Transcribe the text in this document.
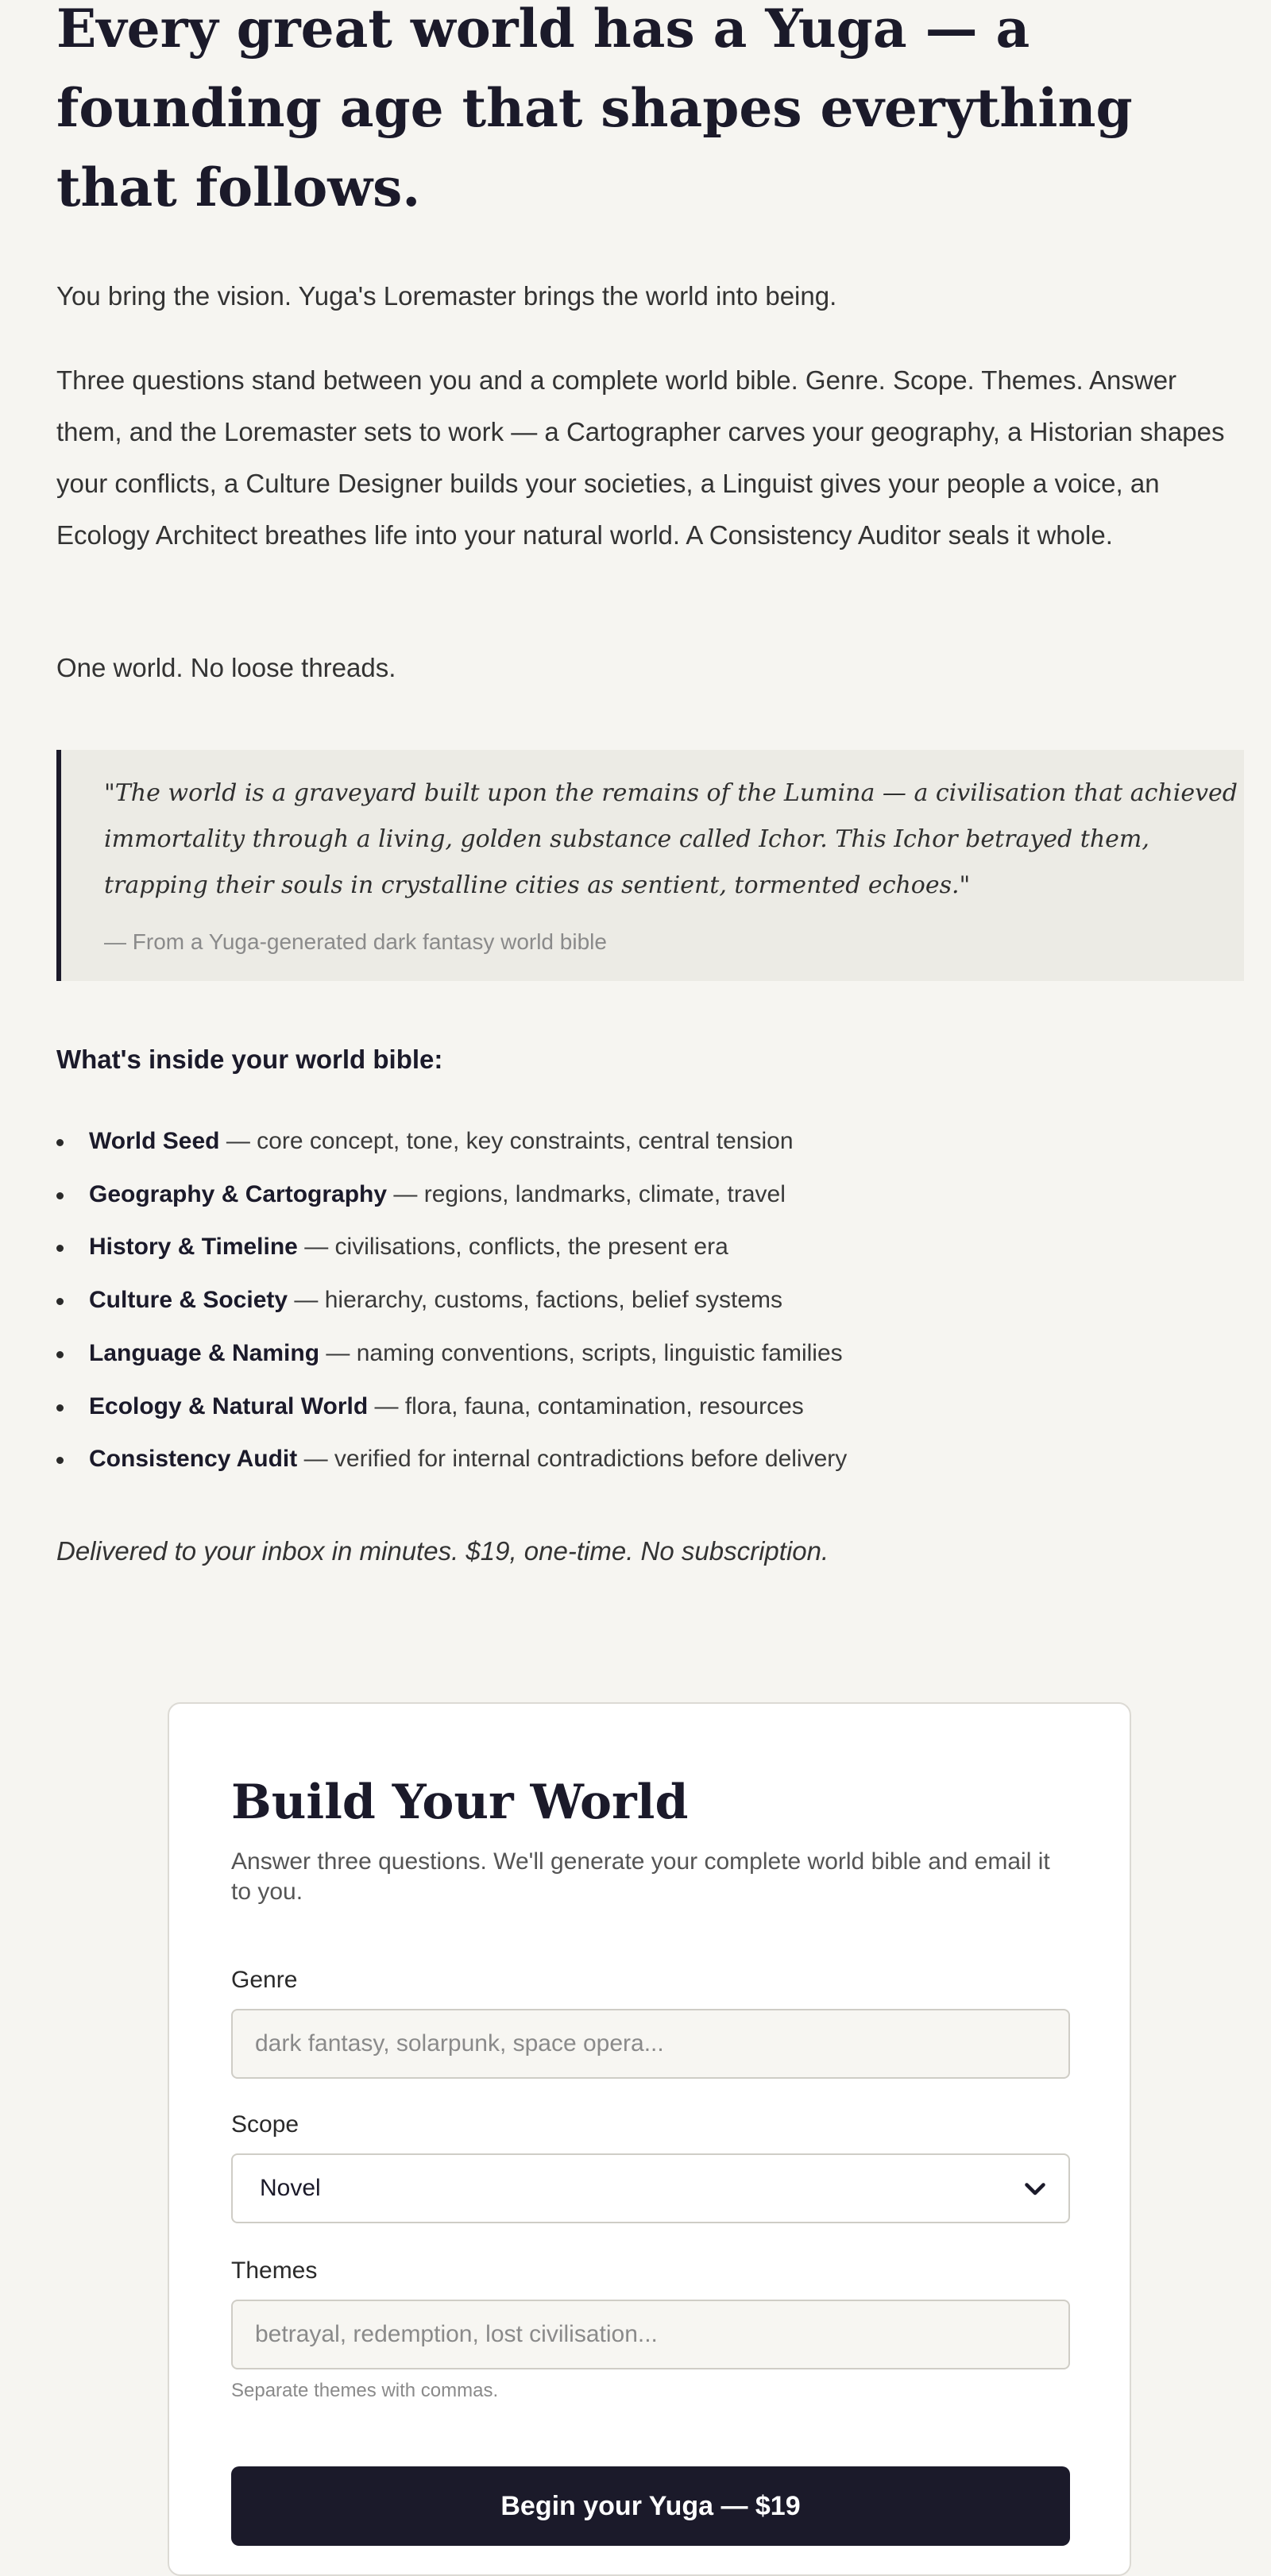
Every great world has a Yuga — a founding age that shapes everything that follows.

You bring the vision. Yuga's Loremaster brings the world into being.

Three questions stand between you and a complete world bible. Genre. Scope. Themes. Answer them, and the Loremaster sets to work — a Cartographer carves your geography, a Historian shapes your conflicts, a Culture Designer builds your societies, a Linguist gives your people a voice, an Ecology Architect breathes life into your natural world. A Consistency Auditor seals it whole.

One world. No loose threads.

"The world is a graveyard built upon the remains of the Lumina — a civilisation that achieved immortality through a living, golden substance called Ichor. This Ichor betrayed them, trapping their souls in crystalline cities as sentient, tormented echoes."

— From a Yuga-generated dark fantasy world bible

What's inside your world bible:
World Seed — core concept, tone, key constraints, central tension
Geography & Cartography — regions, landmarks, climate, travel
History & Timeline — civilisations, conflicts, the present era
Culture & Society — hierarchy, customs, factions, belief systems
Language & Naming — naming conventions, scripts, linguistic families
Ecology & Natural World — flora, fauna, contamination, resources
Consistency Audit — verified for internal contradictions before delivery

Delivered to your inbox in minutes. $19, one-time. No subscription.

Build Your World

Answer three questions. We'll generate your complete world bible and email it to you.

Genre
dark fantasy, solarpunk, space opera...
Scope
Novel
Themes
betrayal, redemption, lost civilisation...

Separate themes with commas.

Begin your Yuga — $19
